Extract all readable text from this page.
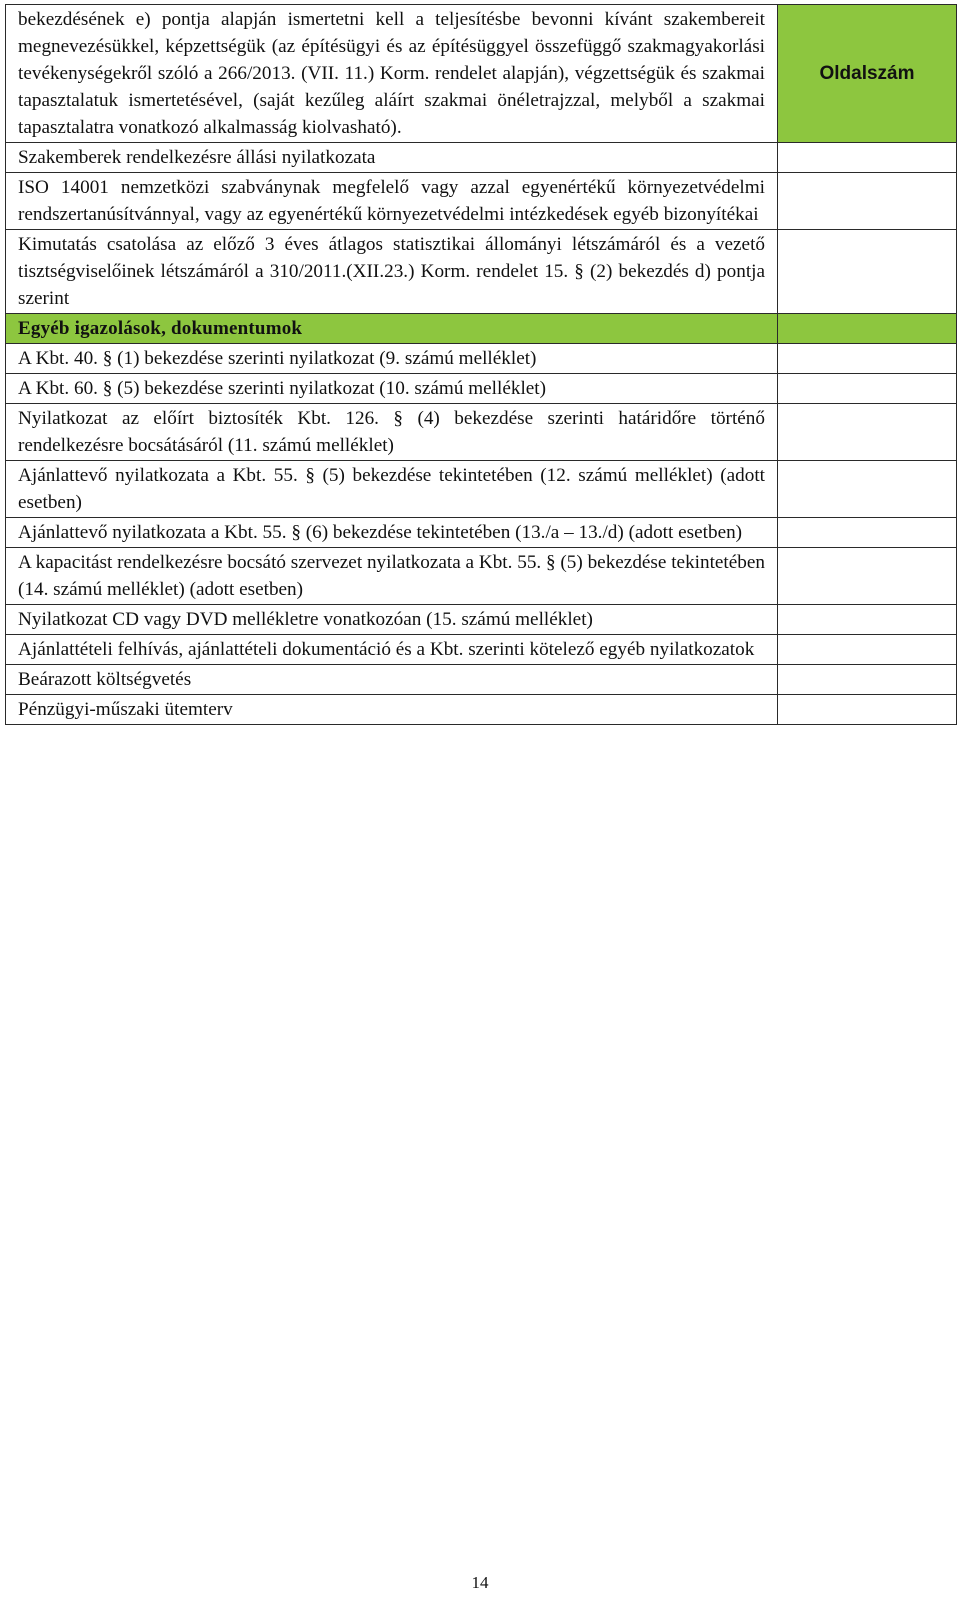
bekezdésének e) pontja alapján ismertetni kell a teljesítésbe bevonni kívánt szakembereit megnevezésükkel, képzettségük (az építésügyi és az építésüggyel összefüggő szakmagyakorlási tevékenységekről szóló a 266/2013. (VII. 11.) Korm. rendelet alapján), végzettségük és szakmai tapasztalatuk ismertetésével, (saját kezűleg aláírt szakmai önéletrajzzal, melyből a szakmai tapasztalatra vonatkozó alkalmasság kiolvasható).	Oldalszám
Szakemberek rendelkezésre állási nyilatkozata	
ISO 14001 nemzetközi szabványnak megfelelő vagy azzal egyenértékű környezetvédelmi rendszertanúsítvánnyal, vagy az egyenértékű környezetvédelmi intézkedések egyéb bizonyítékai	
Kimutatás csatolása az előző 3 éves átlagos statisztikai állományi létszámáról és a vezető tisztségviselőinek létszámáról a 310/2011.(XII.23.) Korm. rendelet 15. § (2) bekezdés d) pontja szerint	
Egyéb igazolások, dokumentumok	
A Kbt. 40. § (1) bekezdése szerinti nyilatkozat (9. számú melléklet)	
A Kbt. 60. § (5) bekezdése szerinti nyilatkozat (10. számú melléklet)	
Nyilatkozat az előírt biztosíték Kbt. 126. § (4) bekezdése szerinti határidőre történő rendelkezésre bocsátásáról (11. számú melléklet)	
Ajánlattevő nyilatkozata a Kbt. 55. § (5) bekezdése tekintetében (12. számú melléklet) (adott esetben)	
Ajánlattevő nyilatkozata a Kbt. 55. § (6) bekezdése tekintetében (13./a – 13./d) (adott esetben)	
A kapacitást rendelkezésre bocsátó szervezet nyilatkozata a Kbt. 55. § (5) bekezdése tekintetében (14. számú melléklet) (adott esetben)	
Nyilatkozat CD vagy DVD mellékletre vonatkozóan (15. számú melléklet)	
Ajánlattételi felhívás, ajánlattételi dokumentáció és a Kbt. szerinti kötelező egyéb nyilatkozatok	
Beárazott költségvetés	
Pénzügyi-műszaki ütemterv	
14
